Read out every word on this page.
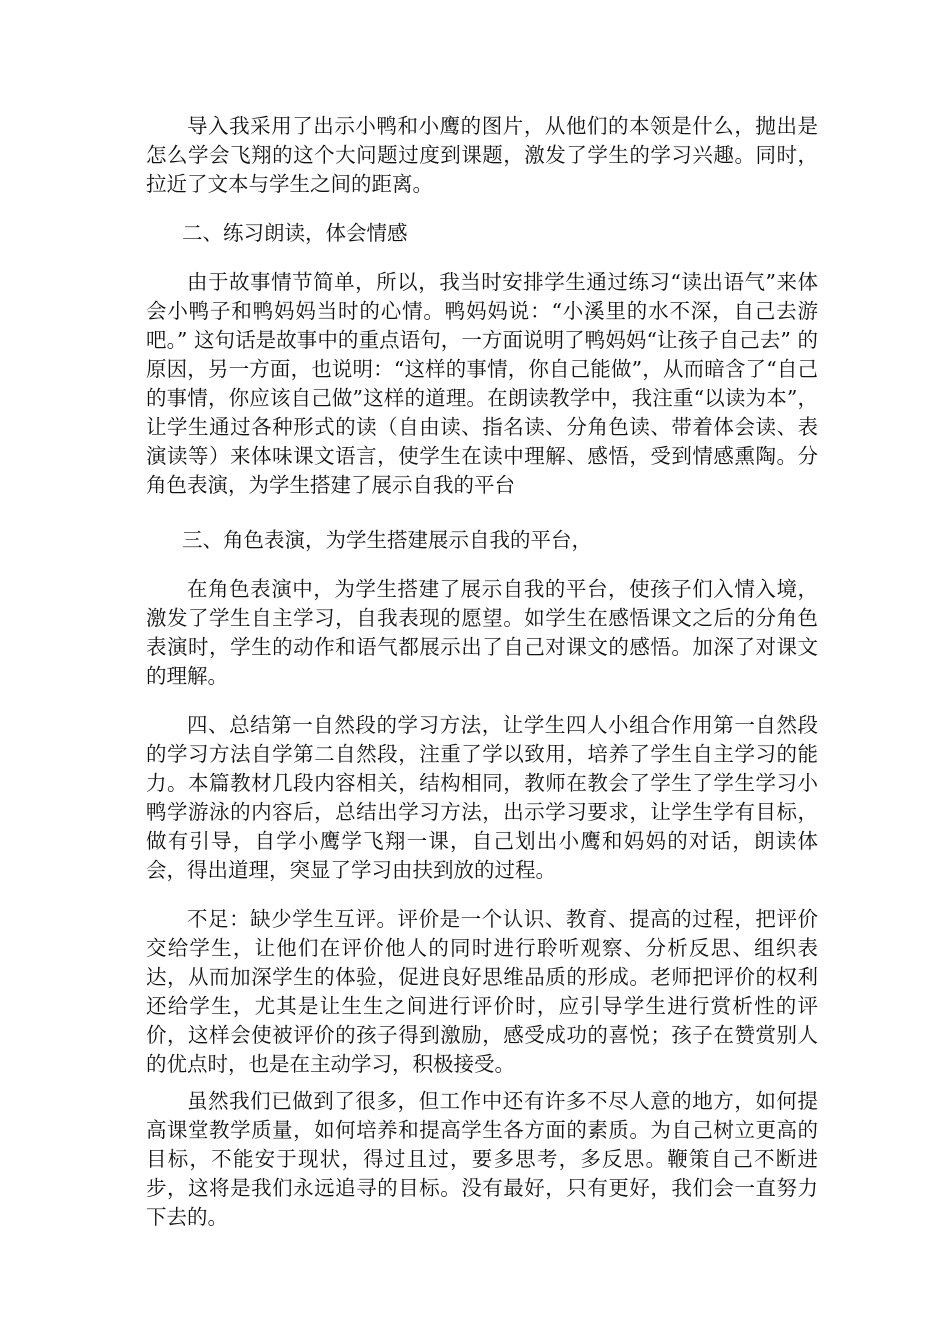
导入我采用了出示小鸭和小鹰的图片，从他们的本领是什么，抛出是怎么学会飞翔的这个大问题过度到课题，激发了学生的学习兴趣。同时，拉近了文本与学生之间的距离。

二、练习朗读，体会情感

由于故事情节简单，所以，我当时安排学生通过练习“读出语气”来体会小鸭子和鸭妈妈当时的心情。鸭妈妈说：“小溪里的水不深，自己去游吧。” 这句话是故事中的重点语句，一方面说明了鸭妈妈“让孩子自己去” 的原因，另一方面，也说明：“这样的事情，你自己能做”，从而暗含了“自己的事情，你应该自己做”这样的道理。在朗读教学中，我注重“以读为本”，让学生通过各种形式的读（自由读、指名读、分角色读、带着体会读、表演读等）来体味课文语言，使学生在读中理解、感悟，受到情感熏陶。分角色表演，为学生搭建了展示自我的平台

三、角色表演，为学生搭建展示自我的平台，

在角色表演中，为学生搭建了展示自我的平台，使孩子们入情入境，激发了学生自主学习，自我表现的愿望。如学生在感悟课文之后的分角色表演时，学生的动作和语气都展示出了自己对课文的感悟。加深了对课文的理解。

四、总结第一自然段的学习方法，让学生四人小组合作用第一自然段的学习方法自学第二自然段，注重了学以致用，培养了学生自主学习的能力。本篇教材几段内容相关，结构相同，教师在教会了学生了学生学习小鸭学游泳的内容后，总结出学习方法，出示学习要求，让学生学有目标，做有引导，自学小鹰学飞翔一课，自己划出小鹰和妈妈的对话，朗读体会，得出道理，突显了学习由扶到放的过程。

不足：缺少学生互评。评价是一个认识、教育、提高的过程，把评价交给学生，让他们在评价他人的同时进行聆听观察、分析反思、组织表达，从而加深学生的体验，促进良好思维品质的形成。老师把评价的权利还给学生，尤其是让生生之间进行评价时，应引导学生进行赏析性的评价，这样会使被评价的孩子得到激励，感受成功的喜悦；孩子在赞赏别人的优点时，也是在主动学习，积极接受。

虽然我们已做到了很多，但工作中还有许多不尽人意的地方，如何提高课堂教学质量，如何培养和提高学生各方面的素质。为自己树立更高的目标，不能安于现状，得过且过，要多思考，多反思。鞭策自己不断进步，这将是我们永远追寻的目标。没有最好，只有更好，我们会一直努力下去的。
